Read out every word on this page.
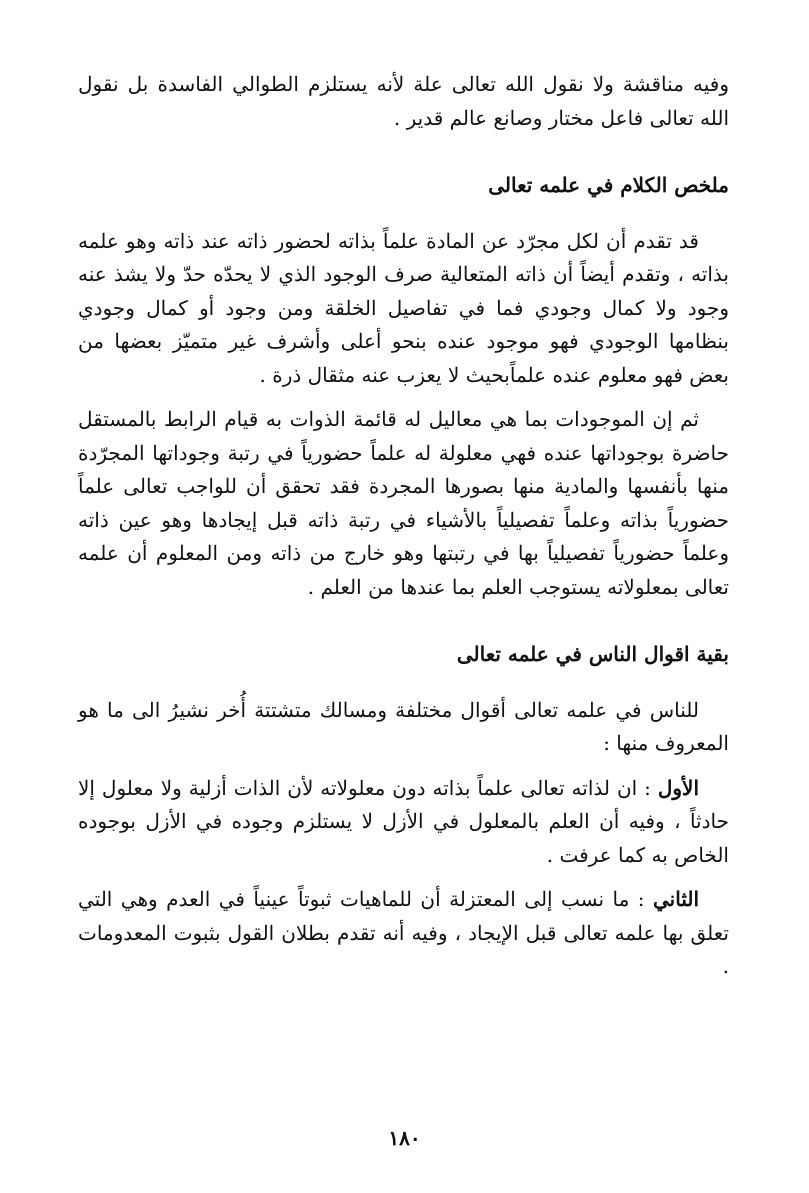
وفيه مناقشة ولا نقول الله تعالى علة لأنه يستلزم الطوالي الفاسدة بل نقول الله تعالى فاعل مختار وصانع عالم قدير .

ملخص الكلام في علمه تعالى

قد تقدم أن لكل مجرّد عن المادة علماً بذاته لحضور ذاته عند ذاته وهو علمه بذاته ، وتقدم أيضاً أن ذاته المتعالية صرف الوجود الذي لا يحدّه حدّ ولا يشذ عنه وجود ولا كمال وجودي فما في تفاصيل الخلقة ومن وجود أو كمال وجودي بنظامها الوجودي فهو موجود عنده بنحو أعلى وأشرف غير متميّز بعضها من بعض فهو معلوم عنده علماًبحيث لا يعزب عنه مثقال ذرة .

ثم إن الموجودات بما هي معاليل له قائمة الذوات به قيام الرابط بالمستقل حاضرة بوجوداتها عنده فهي معلولة له علماً حضورياً في رتبة وجوداتها المجرّدة منها بأنفسها والمادية منها بصورها المجردة فقد تحقق أن للواجب تعالى علماً حضورياً بذاته وعلماً تفصيلياً بالأشياء في رتبة ذاته قبل إيجادها وهو عين ذاته وعلماً حضورياً تفصيلياً بها في رتبتها وهو خارج من ذاته ومن المعلوم أن علمه تعالى بمعلولاته يستوجب العلم بما عندها من العلم .

بقية اقوال الناس في علمه تعالى

للناس في علمه تعالى أقوال مختلفة ومسالك متشتتة أُخر نشيرُ الى ما هو المعروف منها :

الأول : ان لذاته تعالى علماً بذاته دون معلولاته لأن الذات أزلية ولا معلول إلا حادثاً ، وفيه أن العلم بالمعلول في الأزل لا يستلزم وجوده في الأزل بوجوده الخاص به كما عرفت .

الثاني : ما نسب إلى المعتزلة أن للماهيات ثبوتاً عينياً في العدم وهي التي تعلق بها علمه تعالى قبل الإيجاد ، وفيه أنه تقدم بطلان القول بثبوت المعدومات .

١٨٠
